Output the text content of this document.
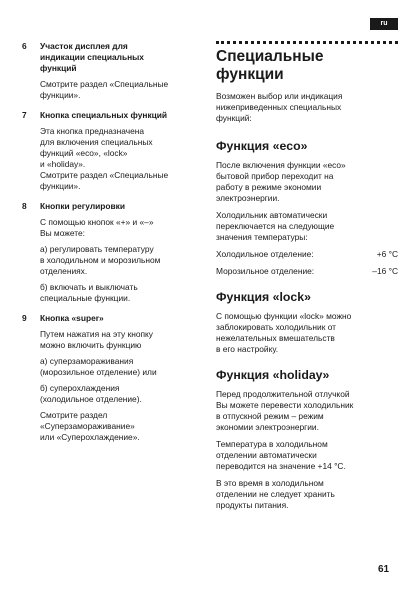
ru
6 Участок дисплея для
индикации специальных
функций
Смотрите раздел «Специальные
функции».
7 Кнопка специальных функций
Эта кнопка предназначена
для включения специальных
функций «eco», «lock»
и «holiday».
Смотрите раздел «Специальные
функции».
8 Кнопки регулировки
С помощью кнопок «+» и «–»
Вы можете:
а) регулировать температуру
в холодильном и морозильном
отделениях.
б) включать и выключать
специальные функции.
9 Кнопка «super»
Путем нажатия на эту кнопку
можно включить функцию
а) суперзамораживания
(морозильное отделение) или
б) суперохлаждения
(холодильное отделение).
Смотрите раздел
«Суперзамораживание»
или «Суперохлаждение».
Специальные
функции
Возможен выбор или индикация
нижеприведенных специальных
функций:
Функция «eco»
После включения функции «eco»
бытовой прибор переходит на
работу в режиме экономии
электроэнергии.
Холодильник автоматически
переключается на следующие
значения температуры:
Холодильное отделение:	+6 °C
Морозильное отделение:	–16 °C
Функция «lock»
С помощью функции «lock» можно
заблокировать холодильник от
нежелательных вмешательств
в его настройку.
Функция «holiday»
Перед продолжительной отлучкой
Вы можете перевести холодильник
в отпускной режим – режим
экономии электроэнергии.
Температура в холодильном
отделении автоматически
переводится на значение +14 °C.
В это время в холодильном
отделении не следует хранить
продукты питания.
61
